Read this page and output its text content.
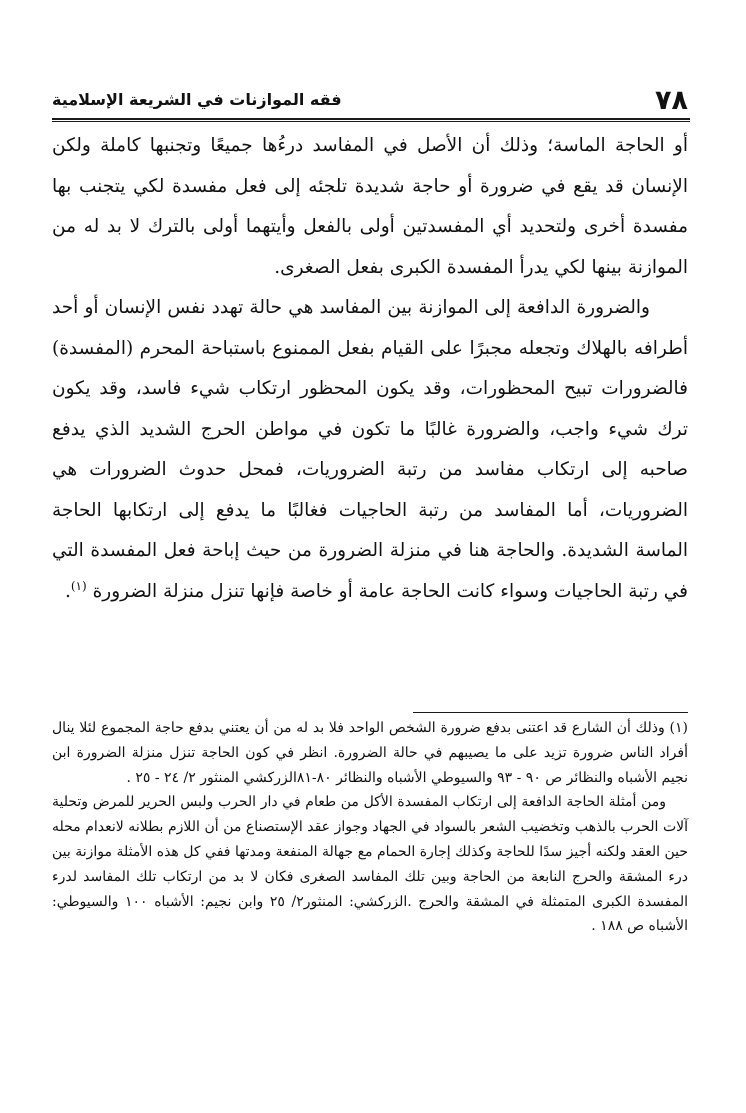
٧٨
فقه الموازنات في الشريعة الإسلامية

أو الحاجة الماسة؛ وذلك أن الأصل في المفاسد درءُها جميعًا وتجنبها كاملة ولكن الإنسان قد يقع في ضرورة أو حاجة شديدة تلجئه إلى فعل مفسدة لكي يتجنب بها مفسدة أخرى ولتحديد أي المفسدتين أولى بالفعل وأيتهما أولى بالترك لا بد له من الموازنة بينها لكي يدرأ المفسدة الكبرى بفعل الصغرى.

والضرورة الدافعة إلى الموازنة بين المفاسد هي حالة تهدد نفس الإنسان أو أحد أطرافه بالهلاك وتجعله مجبرًا على القيام بفعل الممنوع باستباحة المحرم (المفسدة) فالضرورات تبيح المحظورات، وقد يكون المحظور ارتكاب شيء فاسد، وقد يكون ترك شيء واجب، والضرورة غالبًا ما تكون في مواطن الحرج الشديد الذي يدفع صاحبه إلى ارتكاب مفاسد من رتبة الضروريات، فمحل حدوث الضرورات هي الضروريات، أما المفاسد من رتبة الحاجيات فغالبًا ما يدفع إلى ارتكابها الحاجة الماسة الشديدة. والحاجة هنا في منزلة الضرورة من حيث إباحة فعل المفسدة التي في رتبة الحاجيات وسواء كانت الحاجة عامة أو خاصة فإنها تنزل منزلة الضرورة $^{(١)}$.

(١) وذلك أن الشارع قد اعتنى بدفع ضرورة الشخص الواحد فلا بد له من أن يعتني بدفع حاجة المجموع لئلا ينال أفراد الناس ضرورة تزيد على ما يصيبهم في حالة الضرورة. انظر في كون الحاجة تنزل منزلة الضرورة ابن نجيم الأشباه والنظائر ص ٩٠ - ٩٣ والسيوطي الأشباه والنظائر ٨٠-٨١الزركشي المنثور ٢/ ٢٤ - ٢٥ .

ومن أمثلة الحاجة الدافعة إلى ارتكاب المفسدة الأكل من طعام في دار الحرب ولبس الحرير للمرض وتحلية آلات الحرب بالذهب وتخضيب الشعر بالسواد في الجهاد وجواز عقد الإستصناع من أن اللازم بطلانه لانعدام محله حين العقد ولكنه أجيز سدًا للحاجة وكذلك إجارة الحمام مع جهالة المنفعة ومدتها ففي كل هذه الأمثلة موازنة بين درء المشقة والحرج النابعة من الحاجة وبين تلك المفاسد الصغرى فكان لا بد من ارتكاب تلك المفاسد لدرء المفسدة الكبرى المتمثلة في المشقة والحرج .الزركشي: المنثور٢/ ٢٥ وابن نجيم: الأشباه ١٠٠ والسيوطي: الأشباه ص ١٨٨ .
